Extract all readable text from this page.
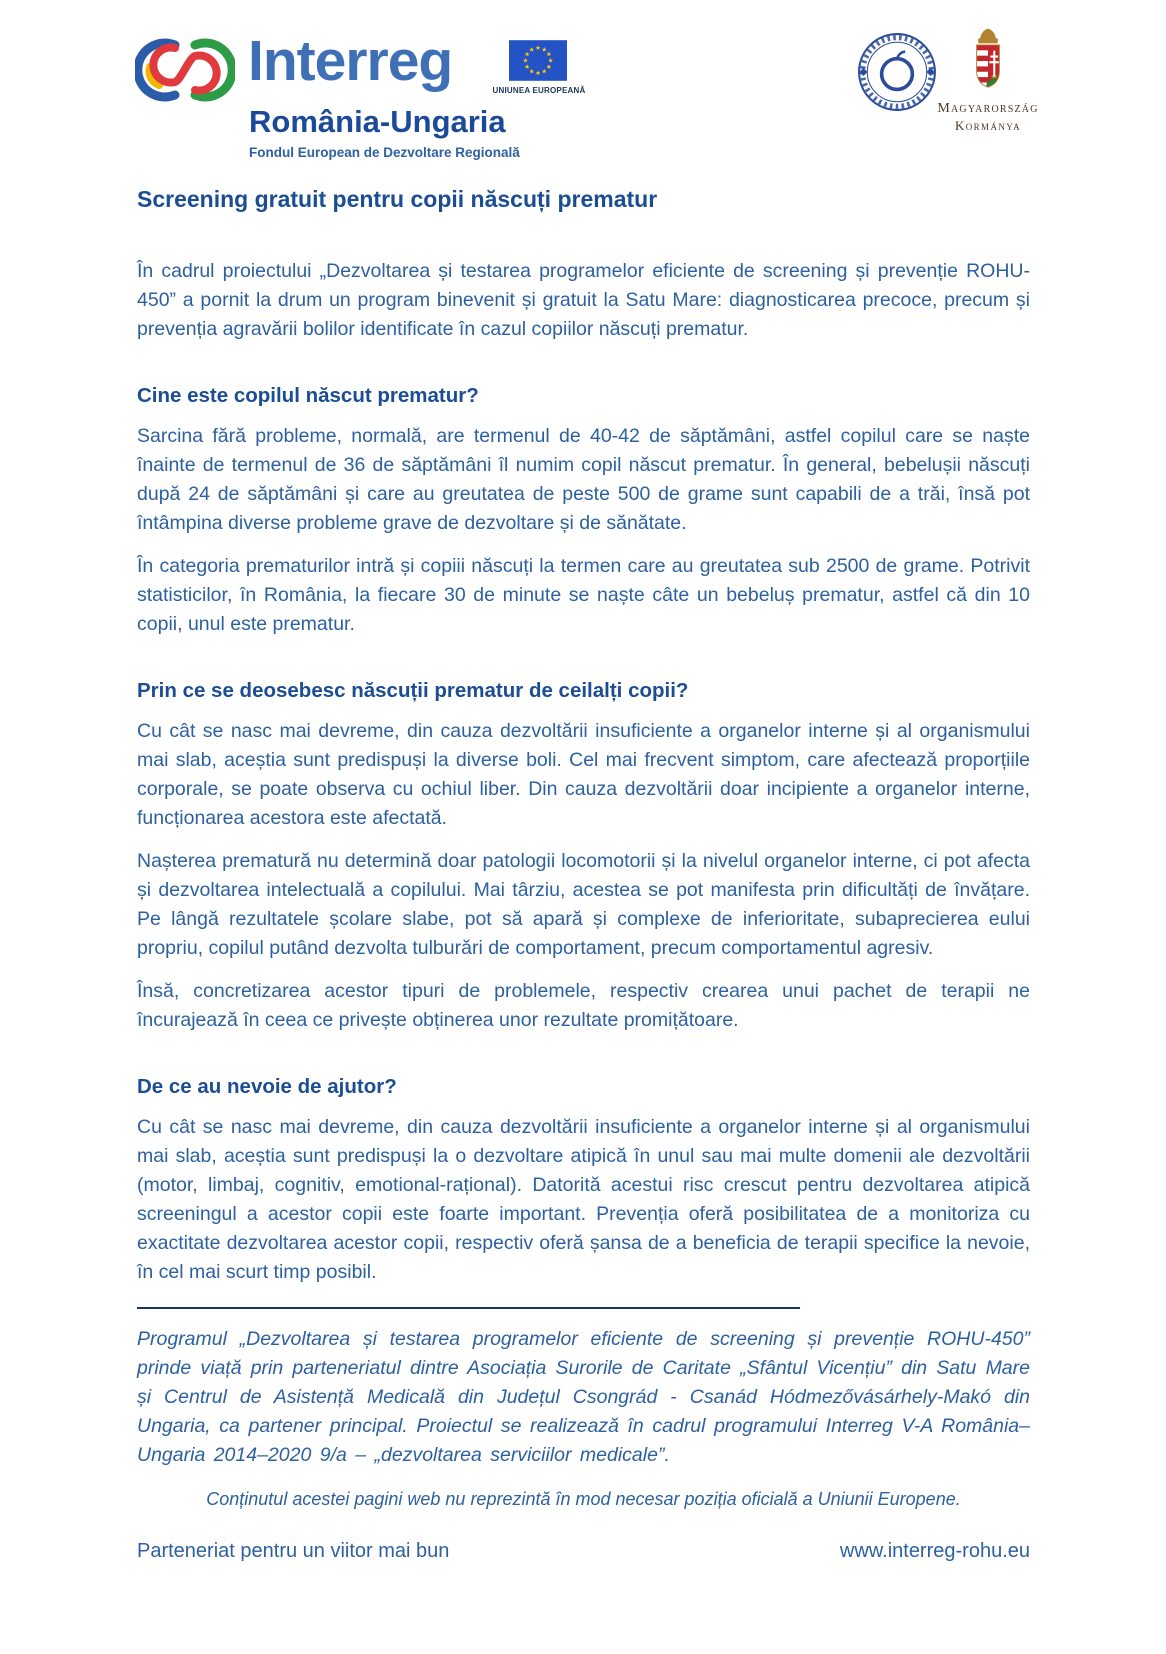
Interreg
România-Ungaria
Fondul European de Dezvoltare Regională
UNIUNEA EUROPEANĂ
Magyarország
Kormánya
Screening gratuit pentru copii născuți prematur

În cadrul proiectului „Dezvoltarea și testarea programelor eficiente de screening și prevenție ROHU-450” a pornit la drum un program binevenit și gratuit la Satu Mare: diagnosticarea precoce, precum și prevenția agravării bolilor identificate în cazul copiilor născuți prematur.

Cine este copilul născut prematur?

Sarcina fără probleme, normală, are termenul de 40-42 de săptămâni, astfel copilul care se naște înainte de termenul de 36 de săptămâni îl numim copil născut prematur. În general, bebelușii născuți după 24 de săptămâni și care au greutatea de peste 500 de grame sunt capabili de a trăi, însă pot întâmpina diverse probleme grave de dezvoltare și de sănătate.

În categoria prematurilor intră și copiii născuți la termen care au greutatea sub 2500 de grame. Potrivit statisticilor, în România, la fiecare 30 de minute se naște câte un bebeluș prematur, astfel că din 10 copii, unul este prematur.

Prin ce se deosebesc născuții prematur de ceilalți copii?

Cu cât se nasc mai devreme, din cauza dezvoltării insuficiente a organelor interne și al organismului mai slab, aceștia sunt predispuși la diverse boli. Cel mai frecvent simptom, care afectează proporțiile corporale, se poate observa cu ochiul liber. Din cauza dezvoltării doar incipiente a organelor interne, funcționarea acestora este afectată.

Nașterea prematură nu determină doar patologii locomotorii și la nivelul organelor interne, ci pot afecta și dezvoltarea intelectuală a copilului. Mai târziu, acestea se pot manifesta prin dificultăți de învățare. Pe lângă rezultatele școlare slabe, pot să apară și complexe de inferioritate, subaprecierea eului propriu, copilul putând dezvolta tulburări de comportament, precum comportamentul agresiv.

Însă, concretizarea acestor tipuri de problemele, respectiv crearea unui pachet de terapii ne încurajează în ceea ce privește obținerea unor rezultate promițătoare.

De ce au nevoie de ajutor?

Cu cât se nasc mai devreme, din cauza dezvoltării insuficiente a organelor interne și al organismului mai slab, aceștia sunt predispuși la o dezvoltare atipică în unul sau mai multe domenii ale dezvoltării (motor, limbaj, cognitiv, emotional-rațional). Datorită acestui risc crescut pentru dezvoltarea atipică screeningul a acestor copii este foarte important. Prevenția oferă posibilitatea de a monitoriza cu exactitate dezvoltarea acestor copii, respectiv oferă șansa de a beneficia de terapii specifice la nevoie, în cel mai scurt timp posibil.

Programul „Dezvoltarea și testarea programelor eficiente de screening și prevenție ROHU-450” prinde viață prin parteneriatul dintre Asociația Surorile de Caritate „Sfântul Vicențiu” din Satu Mare și Centrul de Asistență Medicală din Județul Csongrád - Csanád Hódmezővásárhely-Makó din Ungaria, ca partener principal. Proiectul se realizează în cadrul programului Interreg V-A România–Ungaria 2014–2020 9/a – „dezvoltarea serviciilor medicale”.

Conținutul acestei pagini web nu reprezintă în mod necesar poziția oficială a Uniunii Europene.

Parteneriat pentru un viitor mai bun	www.interreg-rohu.eu
